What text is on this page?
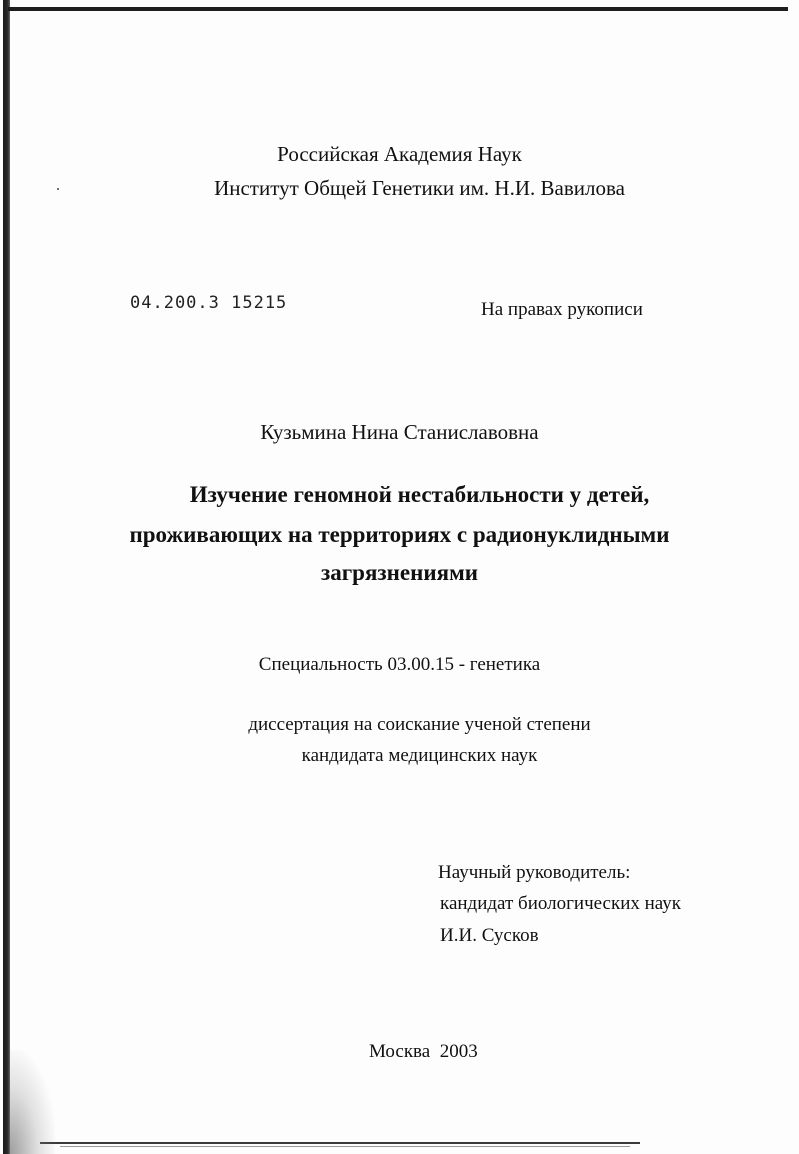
Российская Академия Наук
Институт Общей Генетики им. Н.И. Вавилова
04.200.3 15215	На правах рукописи
Кузьмина Нина Станиславовна
Изучение геномной нестабильности у детей,
проживающих на территориях с радионуклидными
загрязнениями
Специальность 03.00.15 - генетика
диссертация на соискание ученой степени
кандидата медицинских наук
Научный руководитель:
кандидат биологических наук
И.И. Сусков
Москва  2003
